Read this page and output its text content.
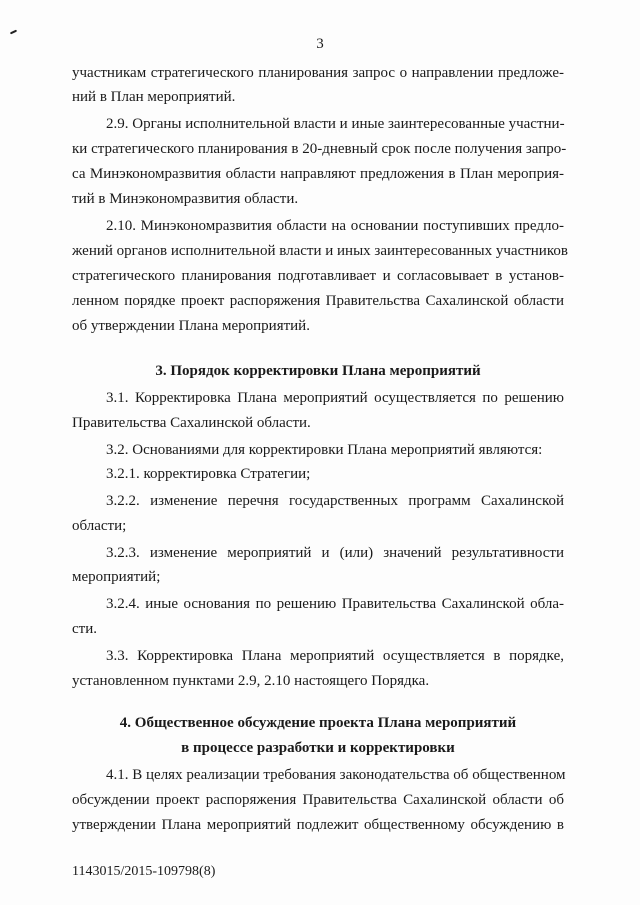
3
участникам стратегического планирования запрос о направлении предложе-
ний в План мероприятий.
2.9. Органы исполнительной власти и иные заинтересованные участни-
ки стратегического планирования в 20-дневный срок после получения запро-
са Минэкономразвития области направляют предложения в План мероприя-
тий в Минэкономразвития области.
2.10. Минэкономразвития области на основании поступивших предло-
жений органов исполнительной власти и иных заинтересованных участников
стратегического планирования подготавливает и согласовывает в установ-
ленном порядке проект распоряжения Правительства Сахалинской области
об утверждении Плана мероприятий.
3. Порядок корректировки Плана мероприятий
3.1. Корректировка Плана мероприятий осуществляется по решению
Правительства Сахалинской области.
3.2. Основаниями для корректировки Плана мероприятий являются:
3.2.1. корректировка Стратегии;
3.2.2. изменение перечня государственных программ Сахалинской
области;
3.2.3. изменение мероприятий и (или) значений результативности
мероприятий;
3.2.4. иные основания по решению Правительства Сахалинской обла-
сти.
3.3. Корректировка Плана мероприятий осуществляется в порядке,
установленном пунктами 2.9, 2.10 настоящего Порядка.
4. Общественное обсуждение проекта Плана мероприятий
в процессе разработки и корректировки
4.1. В целях реализации требования законодательства об общественном
обсуждении проект распоряжения Правительства Сахалинской области об
утверждении Плана мероприятий подлежит общественному обсуждению в
1143015/2015-109798(8)
